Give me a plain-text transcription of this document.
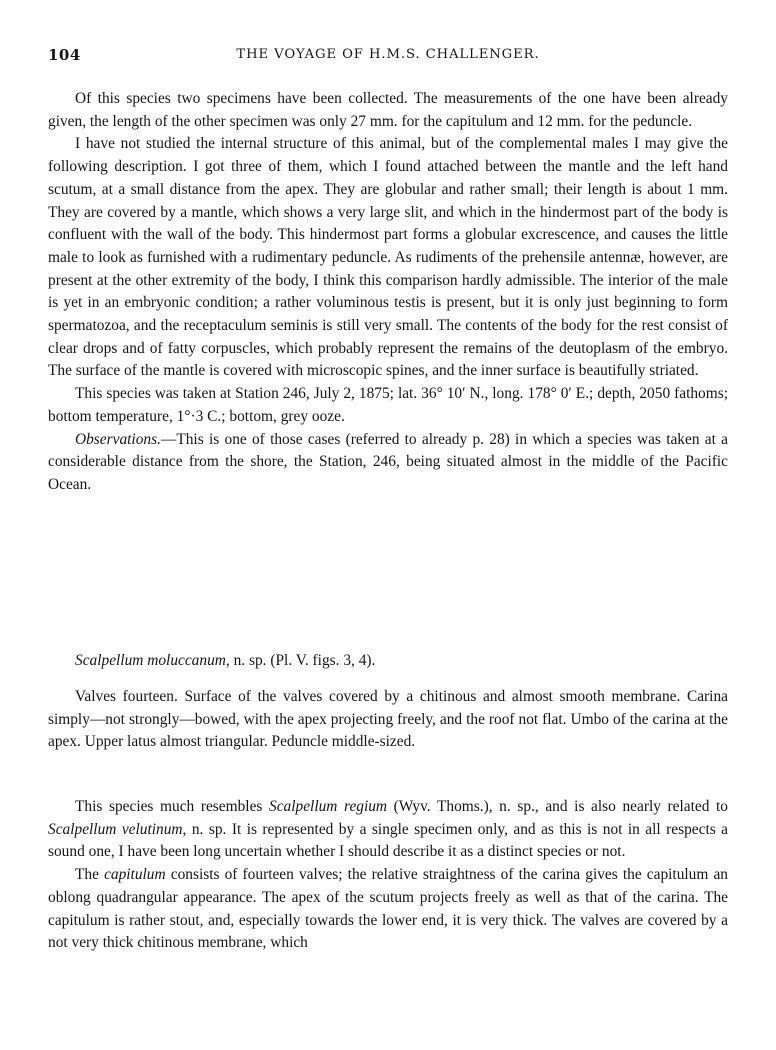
104	THE VOYAGE OF H.M.S. CHALLENGER.

Of this species two specimens have been collected. The measurements of the one have been already given, the length of the other specimen was only 27 mm. for the capitulum and 12 mm. for the peduncle.

I have not studied the internal structure of this animal, but of the complemental males I may give the following description. I got three of them, which I found attached between the mantle and the left hand scutum, at a small distance from the apex. They are globular and rather small; their length is about 1 mm. They are covered by a mantle, which shows a very large slit, and which in the hindermost part of the body is confluent with the wall of the body. This hindermost part forms a globular excrescence, and causes the little male to look as furnished with a rudimentary peduncle. As rudiments of the prehensile antennæ, however, are present at the other extremity of the body, I think this comparison hardly admissible. The interior of the male is yet in an embryonic condition; a rather voluminous testis is present, but it is only just beginning to form spermatozoa, and the receptaculum seminis is still very small. The contents of the body for the rest consist of clear drops and of fatty corpuscles, which probably represent the remains of the deutoplasm of the embryo. The surface of the mantle is covered with microscopic spines, and the inner surface is beautifully striated.

This species was taken at Station 246, July 2, 1875; lat. 36° 10′ N., long. 178° 0′ E.; depth, 2050 fathoms; bottom temperature, 1°·3 C.; bottom, grey ooze.

Observations.—This is one of those cases (referred to already p. 28) in which a species was taken at a considerable distance from the shore, the Station, 246, being situated almost in the middle of the Pacific Ocean.

Scalpellum moluccanum, n. sp. (Pl. V. figs. 3, 4).

Valves fourteen. Surface of the valves covered by a chitinous and almost smooth membrane. Carina simply—not strongly—bowed, with the apex projecting freely, and the roof not flat. Umbo of the carina at the apex. Upper latus almost triangular. Peduncle middle-sized.

This species much resembles Scalpellum regium (Wyv. Thoms.), n. sp., and is also nearly related to Scalpellum velutinum, n. sp. It is represented by a single specimen only, and as this is not in all respects a sound one, I have been long uncertain whether I should describe it as a distinct species or not.

The capitulum consists of fourteen valves; the relative straightness of the carina gives the capitulum an oblong quadrangular appearance. The apex of the scutum projects freely as well as that of the carina. The capitulum is rather stout, and, especially towards the lower end, it is very thick. The valves are covered by a not very thick chitinous membrane, which
